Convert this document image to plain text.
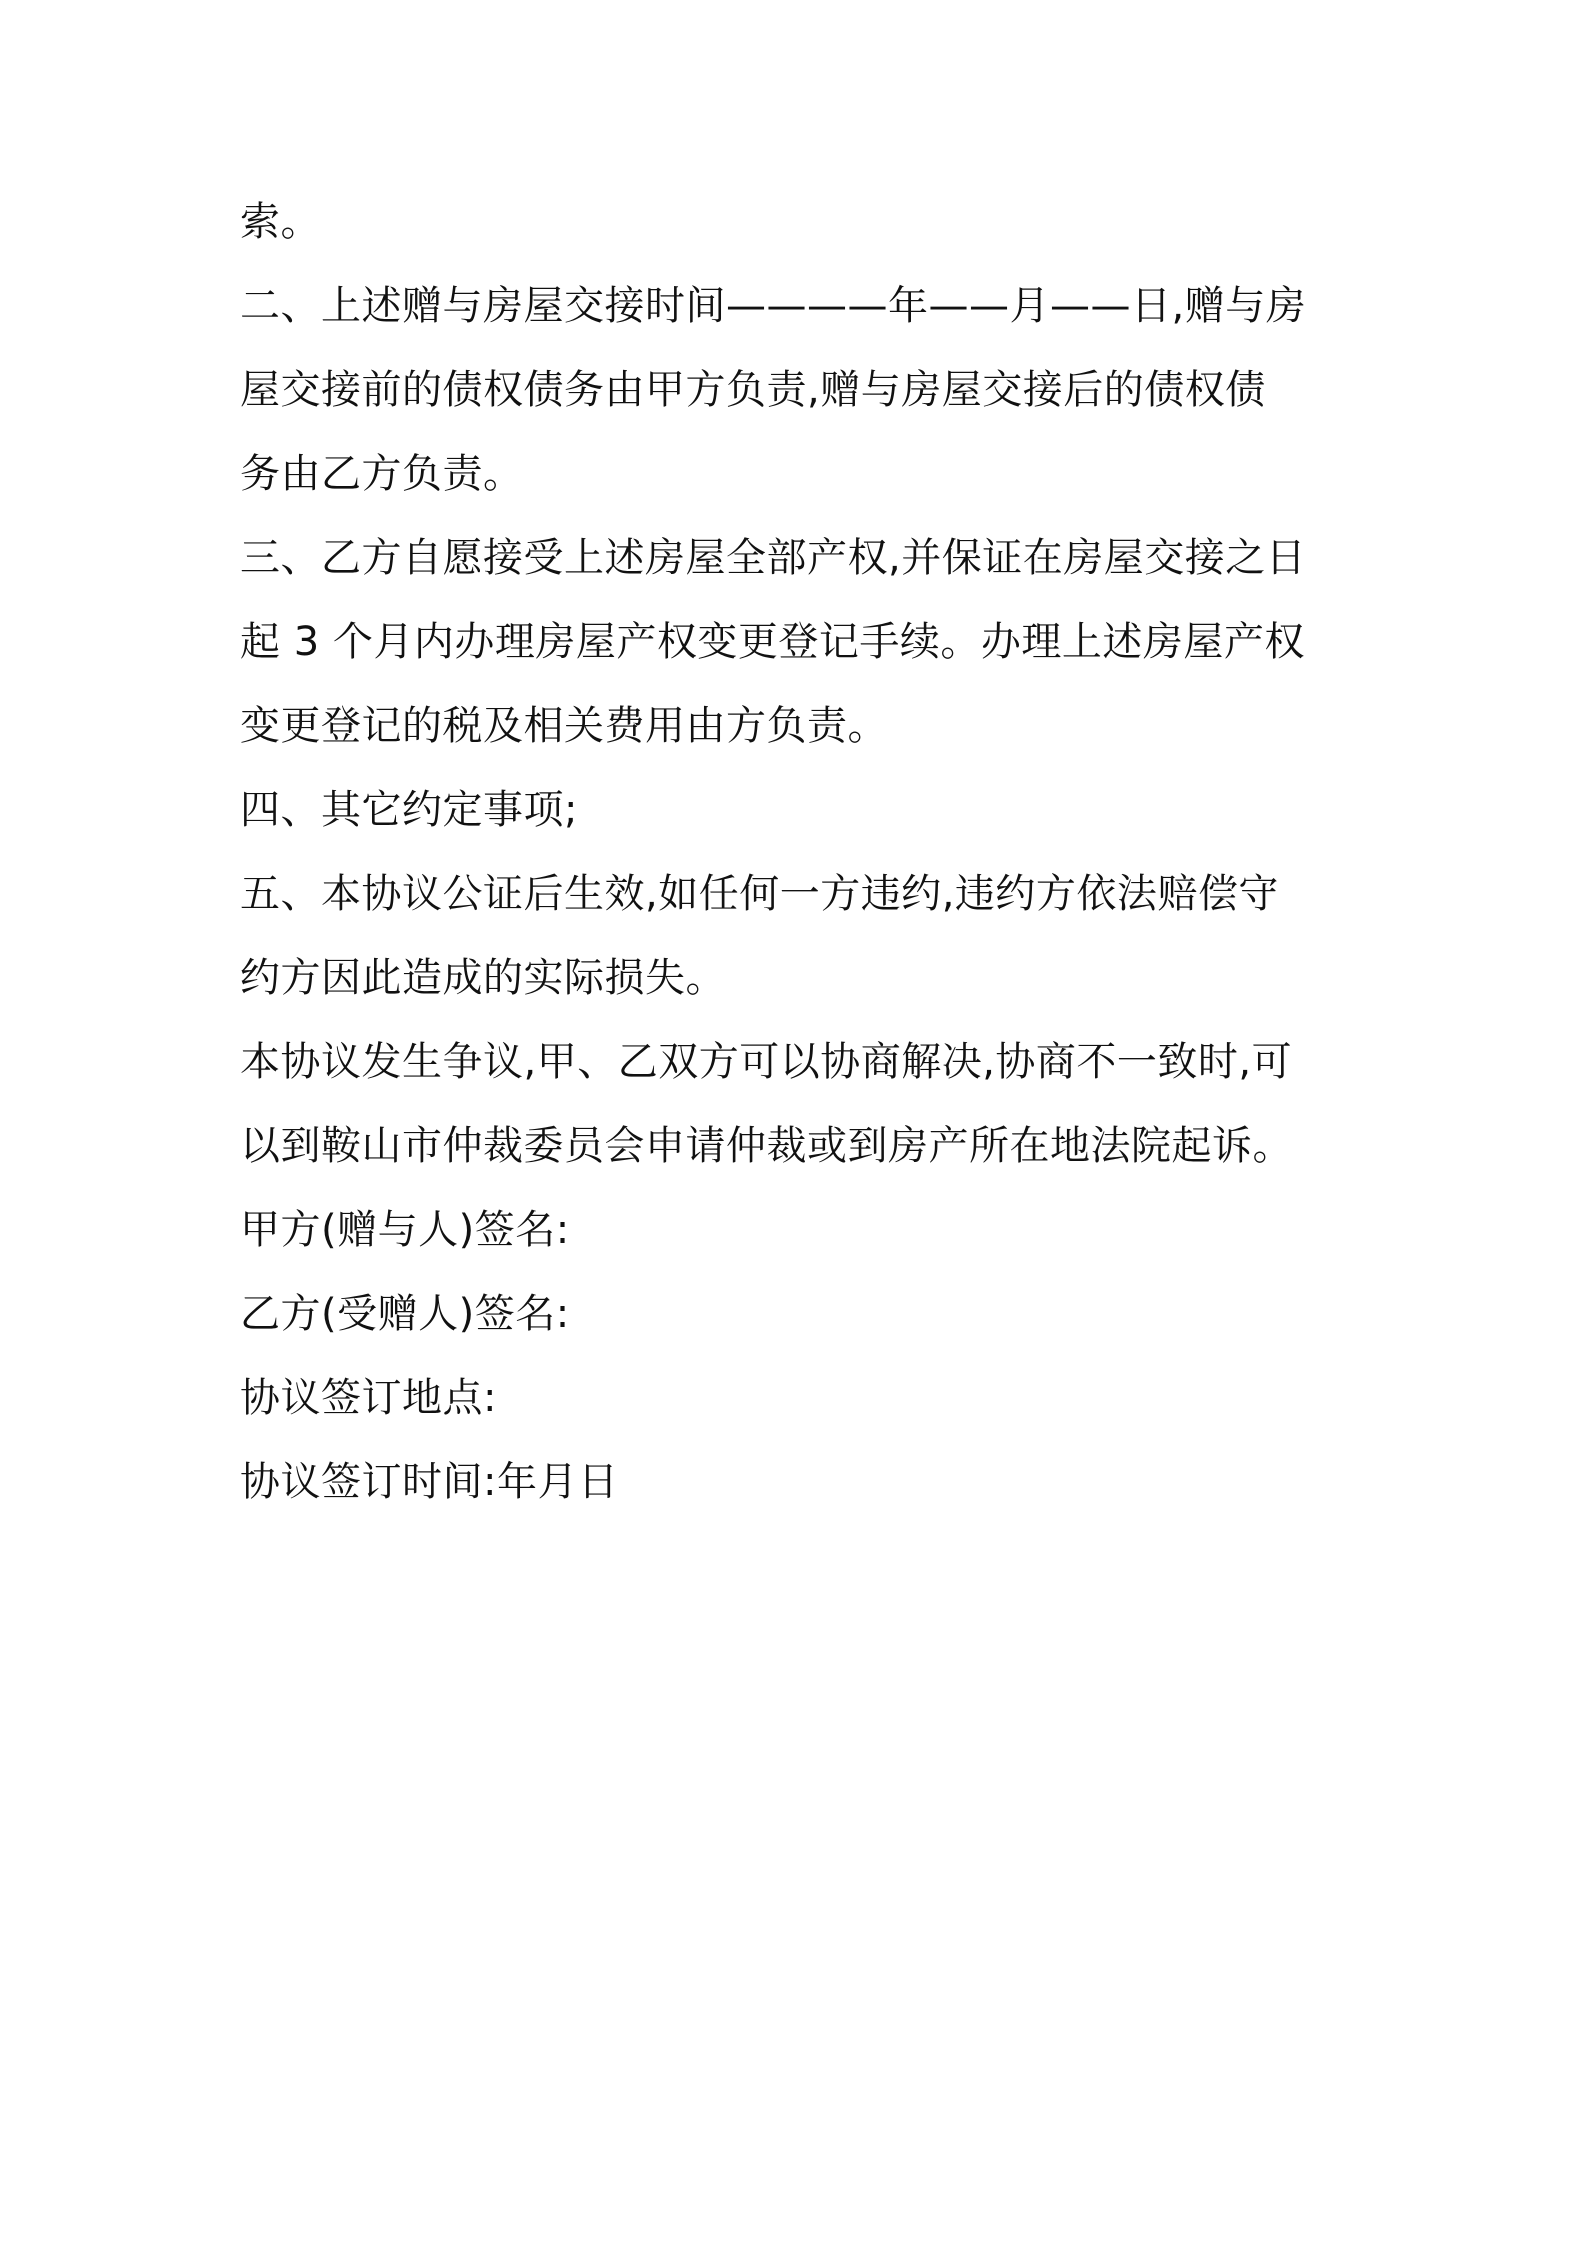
索。
二、上述赠与房屋交接时间————年——月——日,赠与房
屋交接前的债权债务由甲方负责,赠与房屋交接后的债权债
务由乙方负责。
三、乙方自愿接受上述房屋全部产权,并保证在房屋交接之日
起 3 个月内办理房屋产权变更登记手续。办理上述房屋产权
变更登记的税及相关费用由方负责。
四、其它约定事项;
五、本协议公证后生效,如任何一方违约,违约方依法赔偿守
约方因此造成的实际损失。
本协议发生争议,甲、乙双方可以协商解决,协商不一致时,可
以到鞍山市仲裁委员会申请仲裁或到房产所在地法院起诉。
甲方(赠与人)签名:
乙方(受赠人)签名:
协议签订地点:
协议签订时间:年月日
